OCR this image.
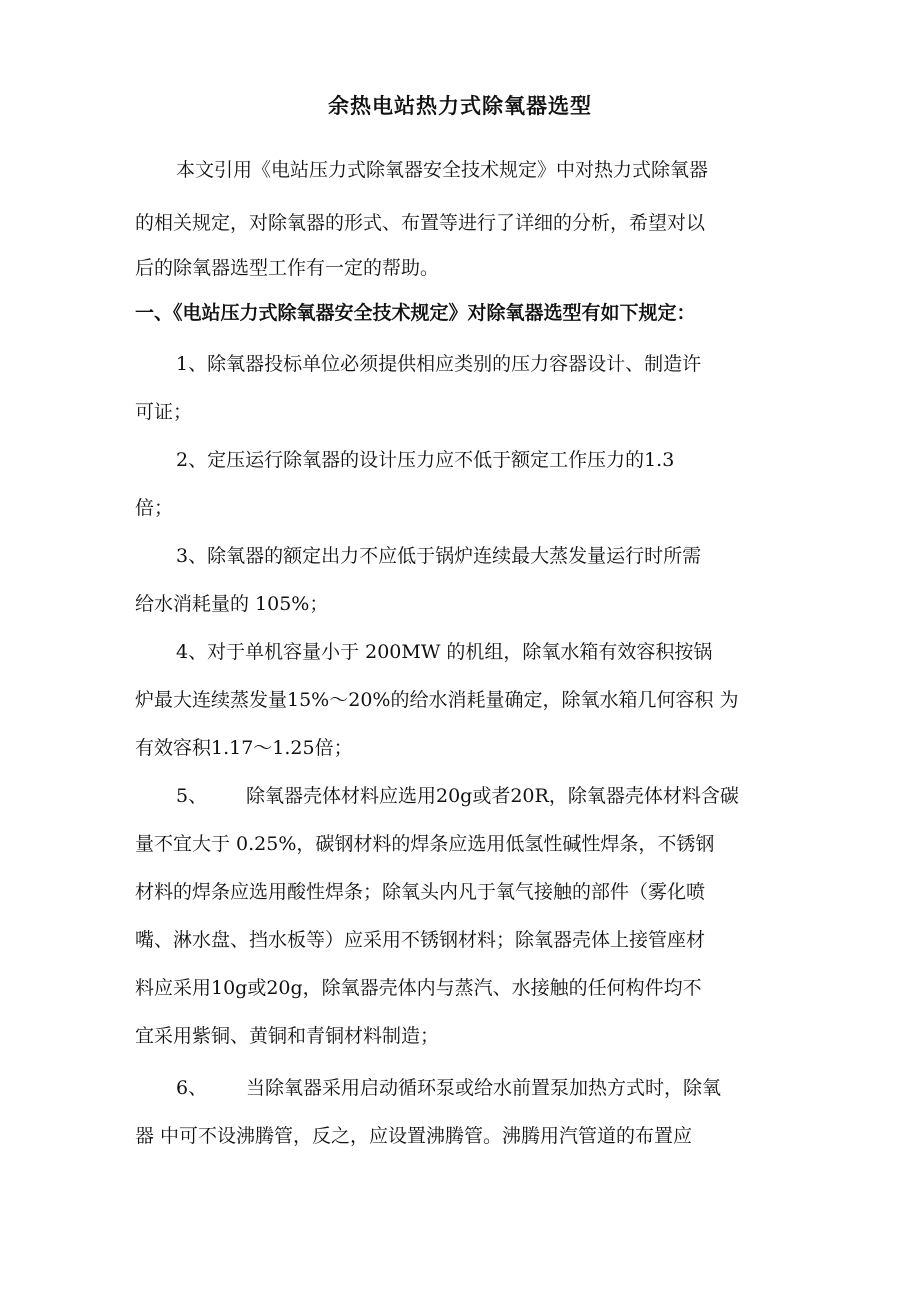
余热电站热力式除氧器选型
本文引用《电站压力式除氧器安全技术规定》中对热力式除氧器
的相关规定，对除氧器的形式、布置等进行了详细的分析，希望对以
后的除氧器选型工作有一定的帮助。
一、《电站压力式除氧器安全技术规定》对除氧器选型有如下规定：
1、除氧器投标单位必须提供相应类别的压力容器设计、制造许
可证；
2、定压运行除氧器的设计压力应不低于额定工作压力的1.3
倍；
3、除氧器的额定出力不应低于锅炉连续最大蒸发量运行时所需
给水消耗量的 105%；
4、对于单机容量小于 200MW 的机组，除氧水箱有效容积按锅
炉最大连续蒸发量15%〜20%的给水消耗量确定，除氧水箱几何容积 为
有效容积1.17〜1.25倍；
5、 除氧器壳体材料应选用20g或者20R，除氧器壳体材料含碳
量不宜大于 0.25%，碳钢材料的焊条应选用低氢性碱性焊条，不锈钢
材料的焊条应选用酸性焊条；除氧头内凡于氧气接触的部件（雾化喷
嘴、淋水盘、挡水板等）应采用不锈钢材料；除氧器壳体上接管座材
料应采用10g或20g，除氧器壳体内与蒸汽、水接触的任何构件均不
宜采用紫铜、黄铜和青铜材料制造；
6、 当除氧器采用启动循环泵或给水前置泵加热方式时，除氧
器 中可不设沸腾管，反之，应设置沸腾管。沸腾用汽管道的布置应
